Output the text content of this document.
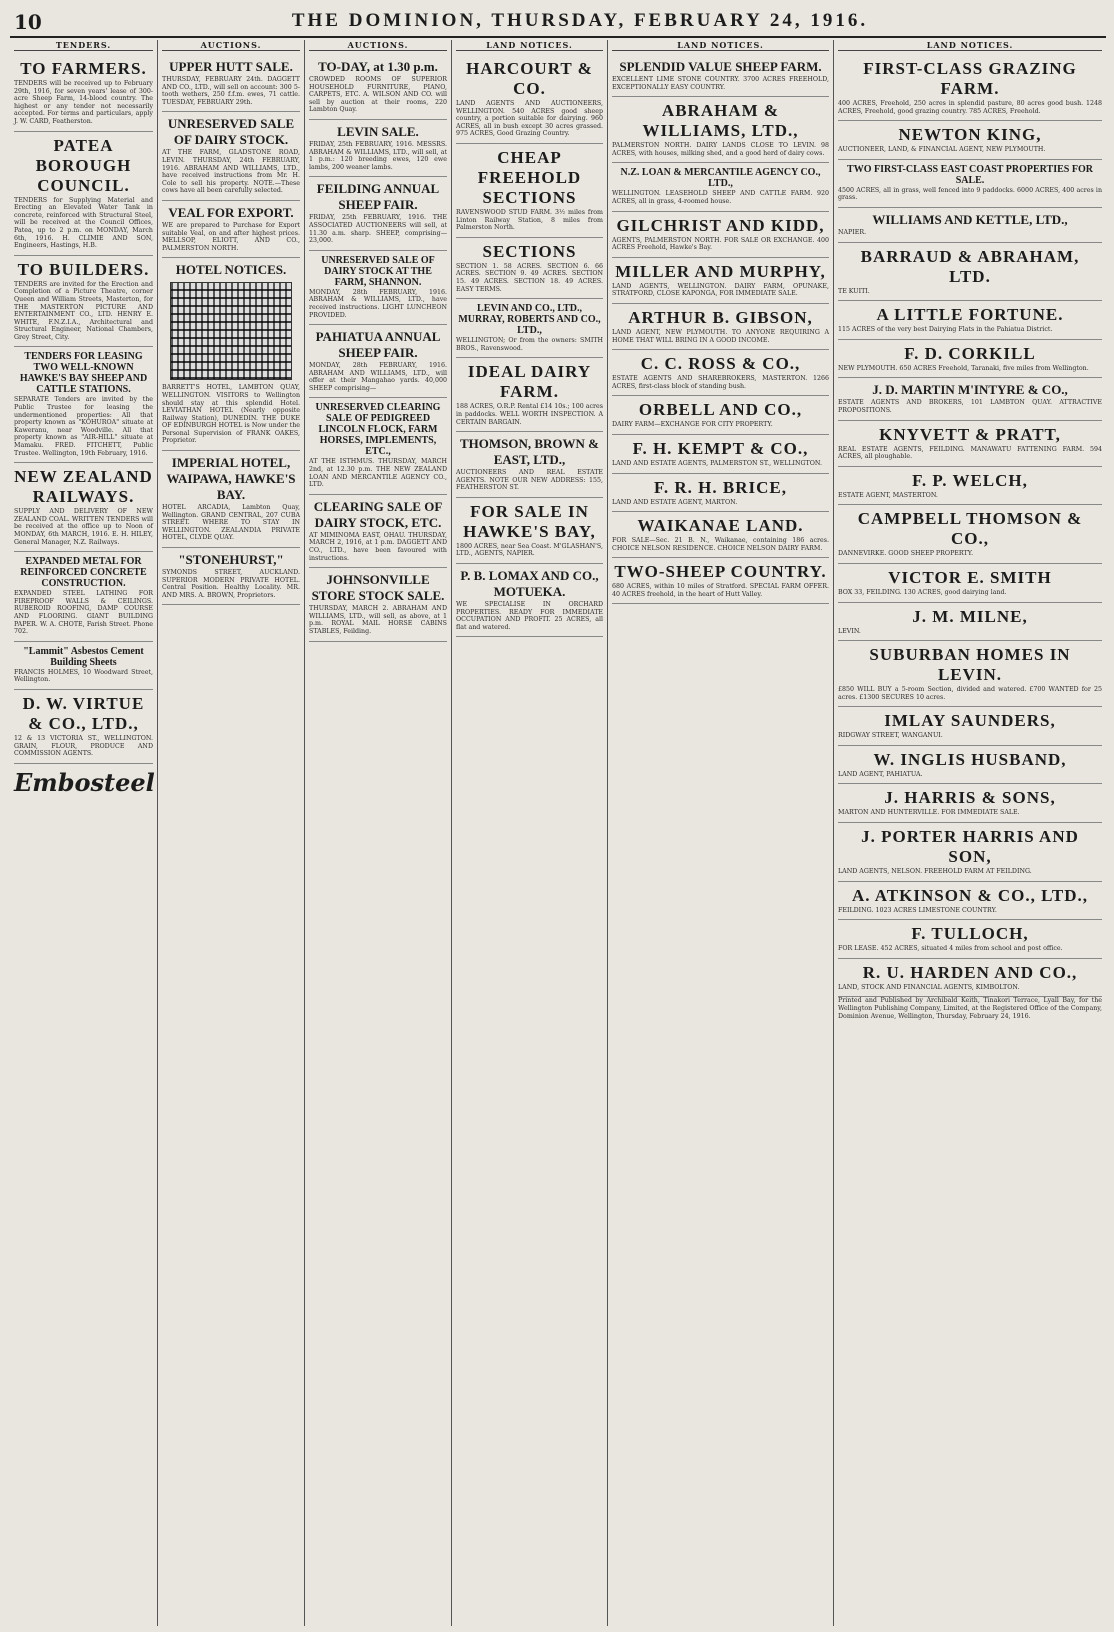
10	THE DOMINION, THURSDAY, FEBRUARY 24, 1916.
TENDERS.
TO FARMERS.

TENDERS will be received up to February 29th, 1916, for seven years' lease of 300-acre Sheep Farm, 14-blood country. The highest or any tender not necessarily accepted. For terms and particulars, apply J. W. CARD, Featherston.

PATEA BOROUGH COUNCIL.

TENDERS for Supplying Material and Erecting an Elevated Water Tank in concrete, reinforced with Structural Steel, will be received at the Council Offices, Patea, up to 2 p.m. on MONDAY, March 6th, 1916. H. CLIMIE AND SON, Engineers, Hastings, H.B.

TO BUILDERS.

TENDERS are invited for the Erection and Completion of a Picture Theatre, corner Queen and William Streets, Masterton, for THE MASTERTON PICTURE AND ENTERTAINMENT CO., LTD. HENRY E. WHITE, F.N.Z.I.A., Architectural and Structural Engineer, National Chambers, Grey Street, City.

TENDERS FOR LEASING TWO WELL-KNOWN HAWKE'S BAY SHEEP AND CATTLE STATIONS.

SEPARATE Tenders are invited by the Public Trustee for leasing the undermentioned properties: All that property known as "KOHUROA" situate at Kaweranu, near Woodville. All that property known as "AIR-HILL" situate at Mamaku. FRED. FITCHETT, Public Trustee. Wellington, 19th February, 1916.

NEW ZEALAND RAILWAYS.

SUPPLY AND DELIVERY OF NEW ZEALAND COAL. WRITTEN TENDERS will be received at the office up to Noon of MONDAY, 6th MARCH, 1916. E. H. HILEY, General Manager, N.Z. Railways.

EXPANDED METAL FOR REINFORCED CONCRETE CONSTRUCTION.

EXPANDED STEEL LATHING FOR FIREPROOF WALLS & CEILINGS. RUBEROID ROOFING, DAMP COURSE AND FLOORING. GIANT BUILDING PAPER. W. A. CHOTE, Farish Street. Phone 702.

"Lammit" Asbestos Cement Building Sheets

FRANCIS HOLMES, 10 Woodward Street, Wellington.

D. W. VIRTUE & CO., LTD.,

12 & 13 VICTORIA ST., WELLINGTON. GRAIN, FLOUR, PRODUCE AND COMMISSION AGENTS.

Embosteel
AUCTIONS.
UPPER HUTT SALE.

THURSDAY, FEBRUARY 24th. DAGGETT AND CO., LTD., will sell on account: 300 5-tooth wethers, 250 f.f.m. ewes, 71 cattle. TUESDAY, FEBRUARY 29th.

UNRESERVED SALE OF DAIRY STOCK.

AT THE FARM, GLADSTONE ROAD, LEVIN. THURSDAY, 24th FEBRUARY, 1916. ABRAHAM AND WILLIAMS, LTD., have received instructions from Mr. H. Cole to sell his property. NOTE.—These cows have all been carefully selected.

VEAL FOR EXPORT.

WE are prepared to Purchase for Export suitable Veal, on and after highest prices. MELLSOP, ELIOTT, AND CO., PALMERSTON NORTH.

HOTEL NOTICES.

BARRETT'S HOTEL, LAMBTON QUAY, WELLINGTON. VISITORS to Wellington should stay at this splendid Hotel. LEVIATHAN HOTEL (Nearly opposite Railway Station), DUNEDIN. THE DUKE OF EDINBURGH HOTEL is Now under the Personal Supervision of FRANK OAKES, Proprietor.

IMPERIAL HOTEL, WAIPAWA, HAWKE'S BAY.

HOTEL ARCADIA, Lambton Quay, Wellington. GRAND CENTRAL, 207 CUBA STREET. WHERE TO STAY IN WELLINGTON. ZEALANDIA PRIVATE HOTEL, CLYDE QUAY.

"STONEHURST,"

SYMONDS STREET, AUCKLAND. SUPERIOR MODERN PRIVATE HOTEL. Central Position. Healthy Locality. MR. AND MRS. A. BROWN, Proprietors.

AUCTIONS.
TO-DAY, at 1.30 p.m.

CROWDED ROOMS OF SUPERIOR HOUSEHOLD FURNITURE, PIANO, CARPETS, ETC. A. WILSON AND CO. will sell by auction at their rooms, 220 Lambton Quay.

LEVIN SALE.

FRIDAY, 25th FEBRUARY, 1916. MESSRS. ABRAHAM & WILLIAMS, LTD., will sell, at 1 p.m.: 120 breeding ewes, 120 ewe lambs, 200 weaner lambs.

FEILDING ANNUAL SHEEP FAIR.

FRIDAY, 25th FEBRUARY, 1916. THE ASSOCIATED AUCTIONEERS will sell, at 11.30 a.m. sharp. SHEEP, comprising—23,000.

UNRESERVED SALE OF DAIRY STOCK AT THE FARM, SHANNON.

MONDAY, 28th FEBRUARY, 1916. ABRAHAM & WILLIAMS, LTD., have received instructions. LIGHT LUNCHEON PROVIDED.

PAHIATUA ANNUAL SHEEP FAIR.

MONDAY, 28th FEBRUARY, 1916. ABRAHAM AND WILLIAMS, LTD., will offer at their Mangahao yards. 40,000 SHEEP comprising—

UNRESERVED CLEARING SALE OF PEDIGREED LINCOLN FLOCK, FARM HORSES, IMPLEMENTS, ETC.,

AT THE ISTHMUS. THURSDAY, MARCH 2nd, at 12.30 p.m. THE NEW ZEALAND LOAN AND MERCANTILE AGENCY CO., LTD.

CLEARING SALE OF DAIRY STOCK, ETC.

AT MIMINOMA EAST, OHAU. THURSDAY, MARCH 2, 1916, at 1 p.m. DAGGETT AND CO., LTD., have been favoured with instructions.

JOHNSONVILLE STORE STOCK SALE.

THURSDAY, MARCH 2. ABRAHAM AND WILLIAMS, LTD., will sell, as above, at 1 p.m. ROYAL MAIL HORSE CABINS STABLES, Feilding.

LAND NOTICES.
HARCOURT & CO.

LAND AGENTS AND AUCTIONEERS, WELLINGTON. 540 ACRES good sheep country, a portion suitable for dairying. 960 ACRES, all in bush except 30 acres grassed. 975 ACRES, Good Grazing Country.

CHEAP FREEHOLD SECTIONS

RAVENSWOOD STUD FARM. 3½ miles from Linton Railway Station, 8 miles from Palmerston North.

SECTIONS

SECTION 1. 58 ACRES. SECTION 6. 66 ACRES. SECTION 9. 49 ACRES. SECTION 15. 49 ACRES. SECTION 18. 49 ACRES. EASY TERMS.

LEVIN AND CO., LTD., MURRAY, ROBERTS AND CO., LTD.,

WELLINGTON; Or from the owners: SMITH BROS., Ravenswood.

IDEAL DAIRY FARM.

188 ACRES, O.R.P. Rental £14 10s.; 100 acres in paddocks. WELL WORTH INSPECTION. A CERTAIN BARGAIN.

THOMSON, BROWN & EAST, LTD.,

AUCTIONEERS AND REAL ESTATE AGENTS. NOTE OUR NEW ADDRESS: 155, FEATHERSTON ST.

FOR SALE IN HAWKE'S BAY,

1800 ACRES, near Sea Coast. M'GLASHAN'S, LTD., AGENTS, NAPIER.

P. B. LOMAX AND CO., MOTUEKA.

WE SPECIALISE IN ORCHARD PROPERTIES. READY FOR IMMEDIATE OCCUPATION AND PROFIT. 25 ACRES, all flat and watered.

LAND NOTICES.
SPLENDID VALUE SHEEP FARM.

EXCELLENT LIME STONE COUNTRY. 3700 ACRES FREEHOLD, EXCEPTIONALLY EASY COUNTRY.

ABRAHAM & WILLIAMS, LTD.,

PALMERSTON NORTH. DAIRY LANDS CLOSE TO LEVIN. 98 ACRES, with houses, milking shed, and a good herd of dairy cows.

N.Z. LOAN & MERCANTILE AGENCY CO., LTD.,

WELLINGTON. LEASEHOLD SHEEP AND CATTLE FARM. 920 ACRES, all in grass, 4-roomed house.

GILCHRIST AND KIDD,

AGENTS, PALMERSTON NORTH. FOR SALE OR EXCHANGE. 400 ACRES Freehold, Hawke's Bay.

MILLER AND MURPHY,

LAND AGENTS, WELLINGTON. DAIRY FARM, OPUNAKE, STRATFORD, CLOSE KAPONGA, FOR IMMEDIATE SALE.

ARTHUR B. GIBSON,

LAND AGENT, NEW PLYMOUTH. TO ANYONE REQUIRING A HOME THAT WILL BRING IN A GOOD INCOME.

C. C. ROSS & CO.,

ESTATE AGENTS AND SHAREBROKERS, MASTERTON. 1266 ACRES, first-class block of standing bush.

ORBELL AND CO.,

DAIRY FARM—EXCHANGE FOR CITY PROPERTY.

F. H. KEMPT & CO.,

LAND AND ESTATE AGENTS, PALMERSTON ST., WELLINGTON.

F. R. H. BRICE,

LAND AND ESTATE AGENT, MARTON.

WAIKANAE LAND.

FOR SALE—Sec. 21 B. N., Waikanae, containing 186 acres. CHOICE NELSON RESIDENCE. CHOICE NELSON DAIRY FARM.

TWO-SHEEP COUNTRY.

680 ACRES, within 10 miles of Stratford. SPECIAL FARM OFFER. 40 ACRES freehold, in the heart of Hutt Valley.

LAND NOTICES.
FIRST-CLASS GRAZING FARM.

400 ACRES, Freehold, 250 acres in splendid pasture, 80 acres good bush. 1248 ACRES, Freehold, good grazing country. 785 ACRES, Freehold.

NEWTON KING,

AUCTIONEER, LAND, & FINANCIAL AGENT, NEW PLYMOUTH.

TWO FIRST-CLASS EAST COAST PROPERTIES FOR SALE.

4500 ACRES, all in grass, well fenced into 9 paddocks. 6000 ACRES, 400 acres in grass.

WILLIAMS AND KETTLE, LTD.,

NAPIER.

BARRAUD & ABRAHAM, LTD.

TE KUITI.

A LITTLE FORTUNE.

115 ACRES of the very best Dairying Flats in the Pahiatua District.

F. D. CORKILL

NEW PLYMOUTH. 650 ACRES Freehold, Taranaki, five miles from Wellington.

J. D. MARTIN M'INTYRE & CO.,

ESTATE AGENTS AND BROKERS, 101 LAMBTON QUAY. ATTRACTIVE PROPOSITIONS.

KNYVETT & PRATT,

REAL ESTATE AGENTS, FEILDING. MANAWATU FATTENING FARM. 594 ACRES, all ploughable.

F. P. WELCH,

ESTATE AGENT, MASTERTON.

CAMPBELL THOMSON & CO.,

DANNEVIRKE. GOOD SHEEP PROPERTY.

VICTOR E. SMITH

BOX 33, FEILDING. 130 ACRES, good dairying land.

J. M. MILNE,

LEVIN.

SUBURBAN HOMES IN LEVIN.

£850 WILL BUY a 5-room Section, divided and watered. £700 WANTED for 25 acres. £1300 SECURES 10 acres.

IMLAY SAUNDERS,

RIDGWAY STREET, WANGANUI.

W. INGLIS HUSBAND,

LAND AGENT, PAHIATUA.

J. HARRIS & SONS,

MARTON AND HUNTERVILLE. FOR IMMEDIATE SALE.

J. PORTER HARRIS AND SON,

LAND AGENTS, NELSON. FREEHOLD FARM AT FEILDING.

A. ATKINSON & CO., LTD.,

FEILDING. 1023 ACRES LIMESTONE COUNTRY.

F. TULLOCH,

FOR LEASE. 452 ACRES, situated 4 miles from school and post office.

R. U. HARDEN AND CO.,

LAND, STOCK AND FINANCIAL AGENTS, KIMBOLTON.

Printed and Published by Archibald Keith, Tinakori Terrace, Lyall Bay, for the Wellington Publishing Company, Limited, at the Registered Office of the Company, Dominion Avenue, Wellington, Thursday, February 24, 1916.
